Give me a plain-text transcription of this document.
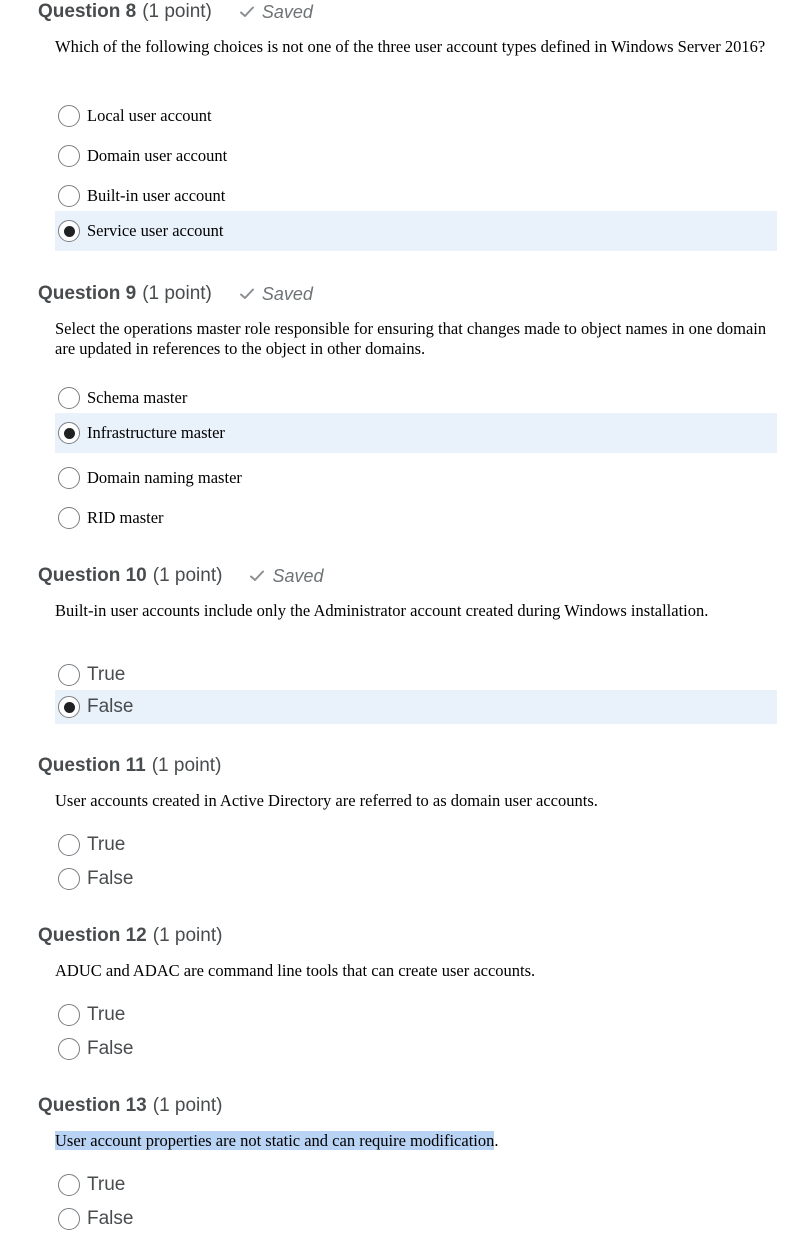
Question 8 (1 point)	Saved
Which of the following choices is not one of the three user account types defined in Windows Server 2016?
Local user account
Domain user account
Built-in user account
Service user account
Question 9 (1 point)	Saved
Select the operations master role responsible for ensuring that changes made to object names in one domain are updated in references to the object in other domains.
Schema master
Infrastructure master
Domain naming master
RID master
Question 10 (1 point)	Saved
Built-in user accounts include only the Administrator account created during Windows installation.
True
False
Question 11 (1 point)
User accounts created in Active Directory are referred to as domain user accounts.
True
False
Question 12 (1 point)
ADUC and ADAC are command line tools that can create user accounts.
True
False
Question 13 (1 point)
User account properties are not static and can require modification.
True
False
